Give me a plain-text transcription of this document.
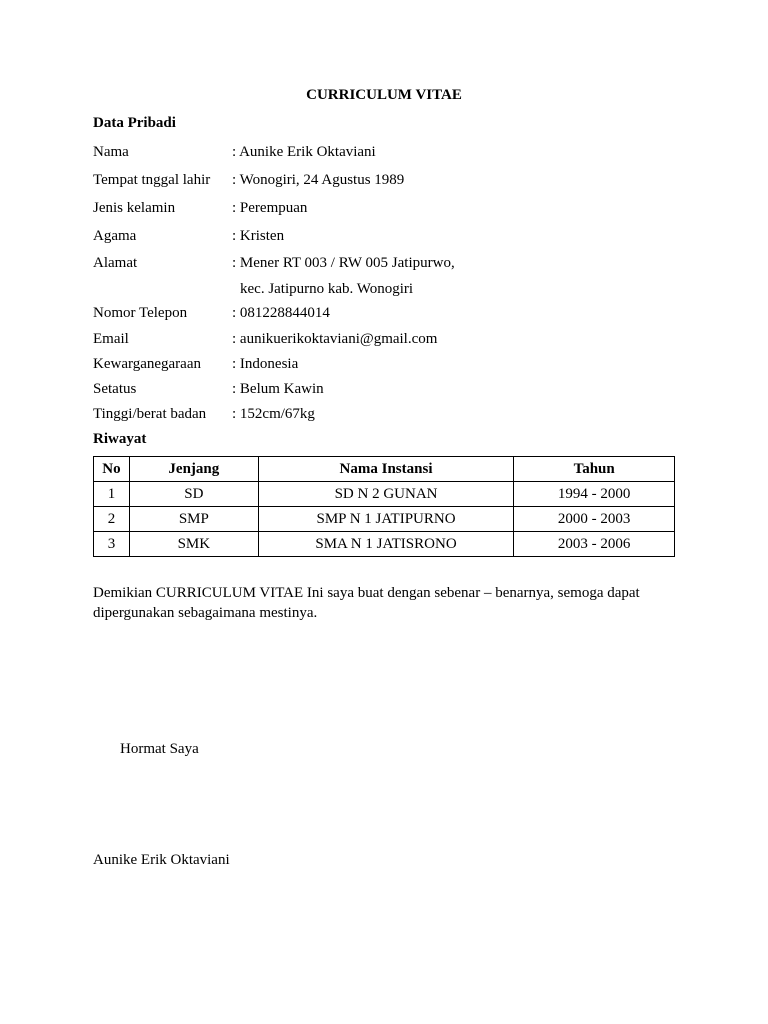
CURRICULUM VITAE
Data Pribadi
Nama	: Aunike Erik Oktaviani
Tempat tnggal lahir : Wonogiri, 24 Agustus 1989
Jenis kelamin	: Perempuan
Agama	: Kristen
Alamat	: Mener RT 003 / RW 005 Jatipurwo,
kec. Jatipurno kab. Wonogiri
Nomor Telepon	: 081228844014
Email	: aunikuerikoktaviani@gmail.com
Kewarganegaraan : Indonesia
Setatus	: Belum Kawin
Tinggi/berat badan : 152cm/67kg
Riwayat
No	Jenjang	Nama Instansi	Tahun
1	SD	SD N 2 GUNAN	1994 - 2000
2	SMP	SMP N 1 JATIPURNO	2000 - 2003
3	SMK	SMA N 1 JATISRONO	2003 - 2006
Demikian CURRICULUM VITAE Ini saya buat dengan sebenar – benarnya, semoga dapat dipergunakan sebagaimana mestinya.
Hormat Saya
Aunike Erik Oktaviani
